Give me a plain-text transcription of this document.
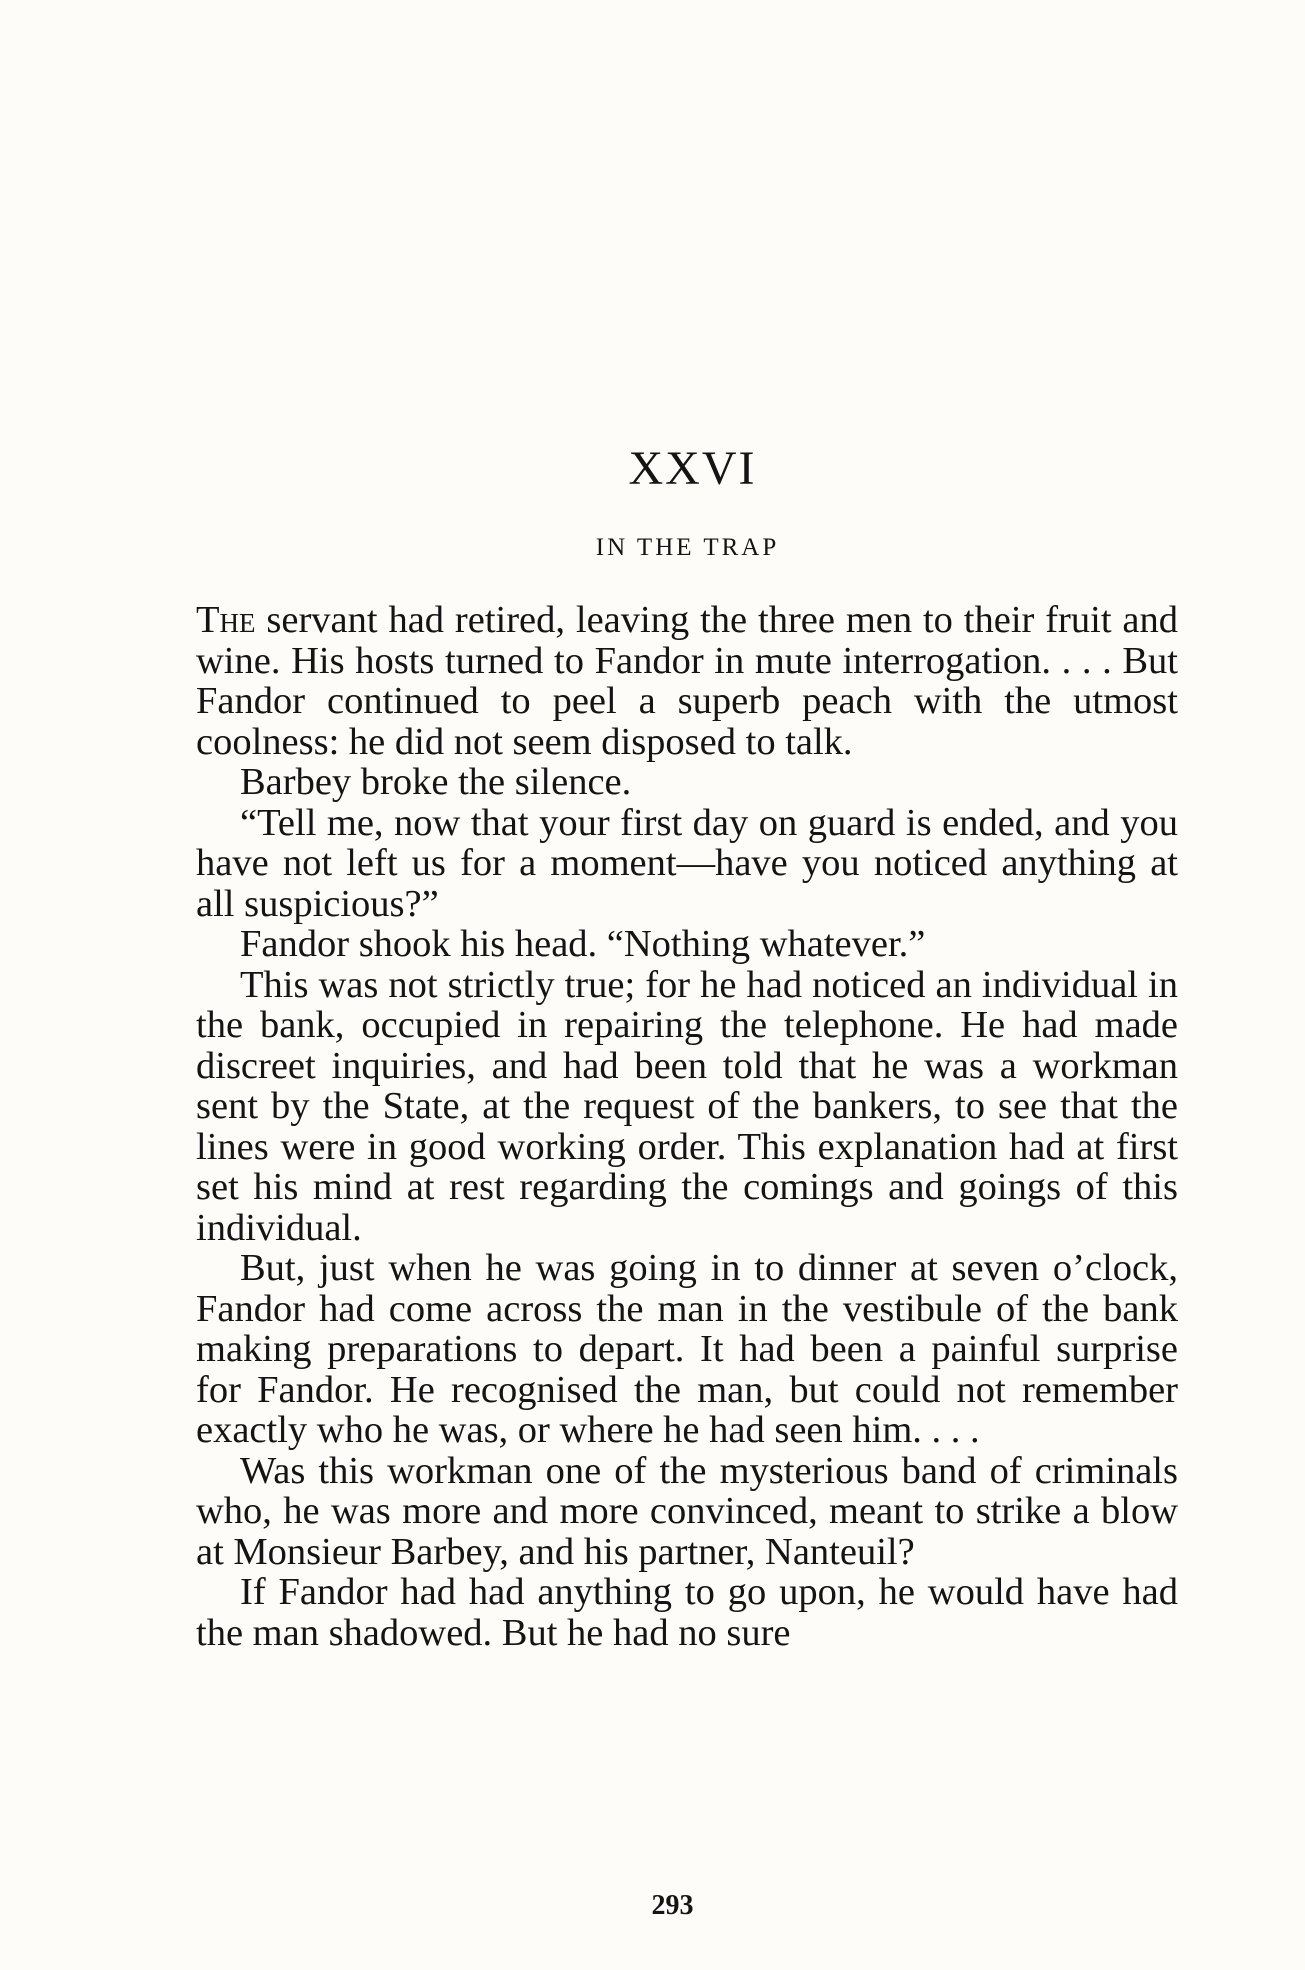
XXVI
IN THE TRAP

The servant had retired, leaving the three men to their fruit and wine. His hosts turned to Fandor in mute interrogation. . . . But Fandor continued to peel a superb peach with the utmost coolness: he did not seem disposed to talk.

Barbey broke the silence.

“Tell me, now that your first day on guard is ended, and you have not left us for a moment—have you noticed anything at all suspicious?”

Fandor shook his head. “Nothing whatever.”

This was not strictly true; for he had noticed an individual in the bank, occupied in repairing the telephone. He had made discreet inquiries, and had been told that he was a workman sent by the State, at the request of the bankers, to see that the lines were in good working order. This explanation had at first set his mind at rest regarding the comings and goings of this individual.

But, just when he was going in to dinner at seven o’clock, Fandor had come across the man in the vestibule of the bank making preparations to depart. It had been a painful surprise for Fandor. He recognised the man, but could not remember exactly who he was, or where he had seen him. . . .

Was this workman one of the mysterious band of criminals who, he was more and more convinced, meant to strike a blow at Monsieur Barbey, and his partner, Nanteuil?

If Fandor had had anything to go upon, he would have had the man shadowed. But he had no sure

293
